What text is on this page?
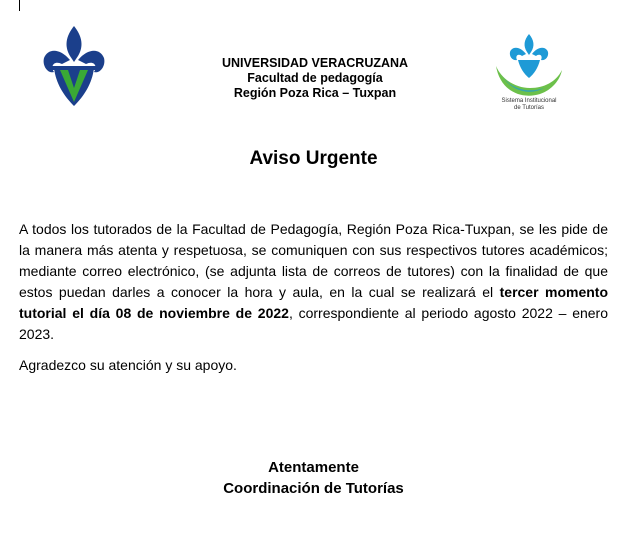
UNIVERSIDAD VERACRUZANA
Facultad de pedagogía
Región Poza Rica – Tuxpan
Sistema Institucional
de Tutorías
Aviso Urgente
A todos los tutorados de la Facultad de Pedagogía, Región Poza Rica-Tuxpan, se les pide de la manera más atenta y respetuosa, se comuniquen con sus respectivos tutores académicos; mediante correo electrónico, (se adjunta lista de correos de tutores) con la finalidad de que estos puedan darles a conocer la hora y aula, en la cual se realizará el tercer momento tutorial el día 08 de noviembre de 2022, correspondiente al periodo agosto 2022 – enero 2023.
Agradezco su atención y su apoyo.
Atentamente
Coordinación de Tutorías
